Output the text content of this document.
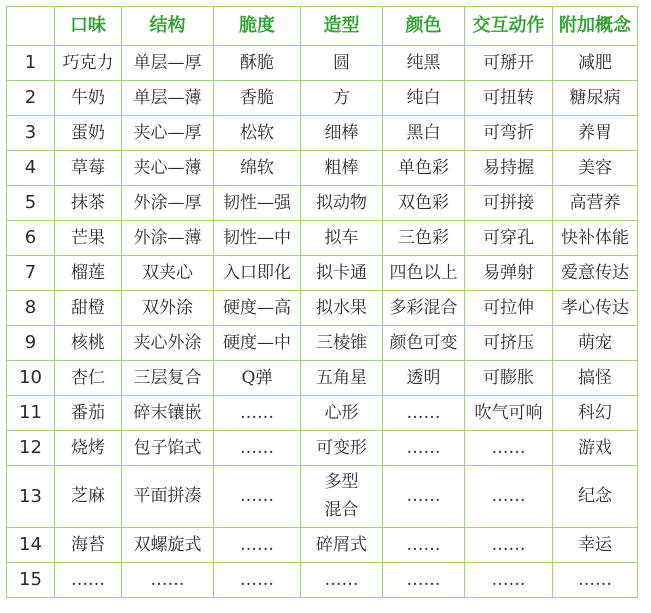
	口味	结构	脆度	造型	颜色	交互动作	附加概念
1	巧克力	单层—厚	酥脆	圆	纯黑	可掰开	减肥
2	牛奶	单层—薄	香脆	方	纯白	可扭转	糖尿病
3	蛋奶	夹心—厚	松软	细棒	黑白	可弯折	养胃
4	草莓	夹心—薄	绵软	粗棒	单色彩	易持握	美容
5	抹茶	外涂—厚	韧性—强	拟动物	双色彩	可拼接	高营养
6	芒果	外涂—薄	韧性—中	拟车	三色彩	可穿孔	快补体能
7	榴莲	双夹心	入口即化	拟卡通	四色以上	易弹射	爱意传达
8	甜橙	双外涂	硬度—高	拟水果	多彩混合	可拉伸	孝心传达
9	核桃	夹心外涂	硬度—中	三棱锥	颜色可变	可挤压	萌宠
10	杏仁	三层复合	Q弹	五角星	透明	可膨胀	搞怪
11	番茄	碎末镶嵌	……	心形	……	吹气可响	科幻
12	烧烤	包子馅式	……	可变形	……	……	游戏
13	芝麻	平面拼凑	……	多型混合	……	……	纪念
14	海苔	双螺旋式	……	碎屑式	……	……	幸运
15	……	……	……	……	……	……	……
